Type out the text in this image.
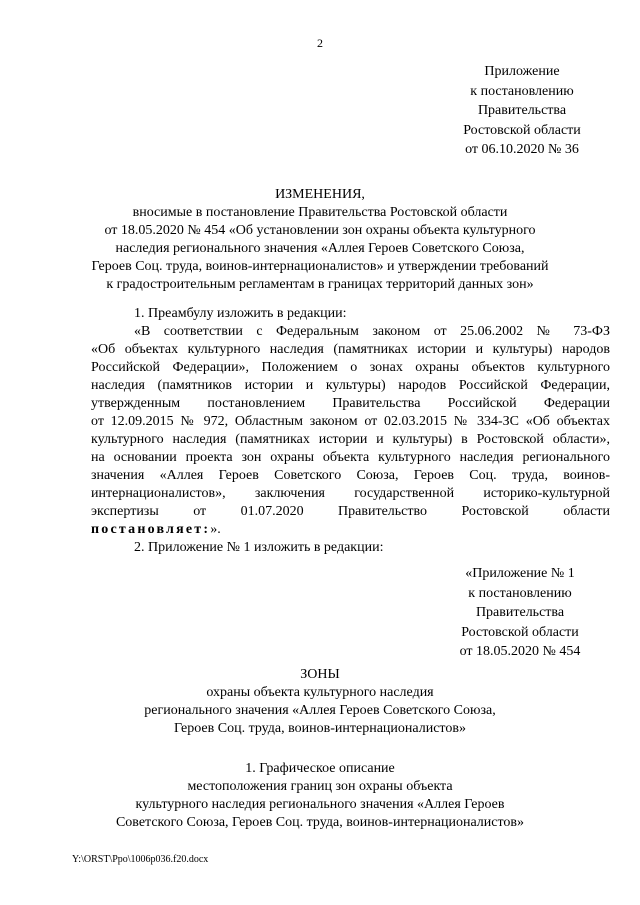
2
Приложение
к постановлению
Правительства
Ростовской области
от 06.10.2020 № 36
ИЗМЕНЕНИЯ,
вносимые в постановление Правительства Ростовской области
от 18.05.2020 № 454 «Об установлении зон охраны объекта культурного
наследия регионального значения «Аллея Героев Советского Союза,
Героев Соц. труда, воинов-интернационалистов» и утверждении требований
к градостроительным регламентам в границах территорий данных зон»
1. Преамбулу изложить в редакции:
«В соответствии с Федеральным законом от 25.06.2002 № 73-ФЗ
«Об объектах культурного наследия (памятниках истории и культуры) народов
Российской Федерации», Положением о зонах охраны объектов культурного
наследия (памятников истории и культуры) народов Российской Федерации,
утвержденным постановлением Правительства Российской Федерации
от 12.09.2015 № 972, Областным законом от 02.03.2015 № 334-ЗС «Об объектах
культурного наследия (памятниках истории и культуры) в Ростовской области»,
на основании проекта зон охраны объекта культурного наследия регионального
значения «Аллея Героев Советского Союза, Героев Соц. труда, воинов-
интернационалистов», заключения государственной историко-культурной
экспертизы от 01.07.2020 Правительство Ростовской области
постановляет:».
2. Приложение № 1 изложить в редакции:
«Приложение № 1
к постановлению
Правительства
Ростовской области
от 18.05.2020 № 454
ЗОНЫ
охраны объекта культурного наследия
регионального значения «Аллея Героев Советского Союза,
Героев Соц. труда, воинов-интернационалистов»
1. Графическое описание
местоположения границ зон охраны объекта
культурного наследия регионального значения «Аллея Героев
Советского Союза, Героев Соц. труда, воинов-интернационалистов»
Y:\ORST\Ppo\1006p036.f20.docx
